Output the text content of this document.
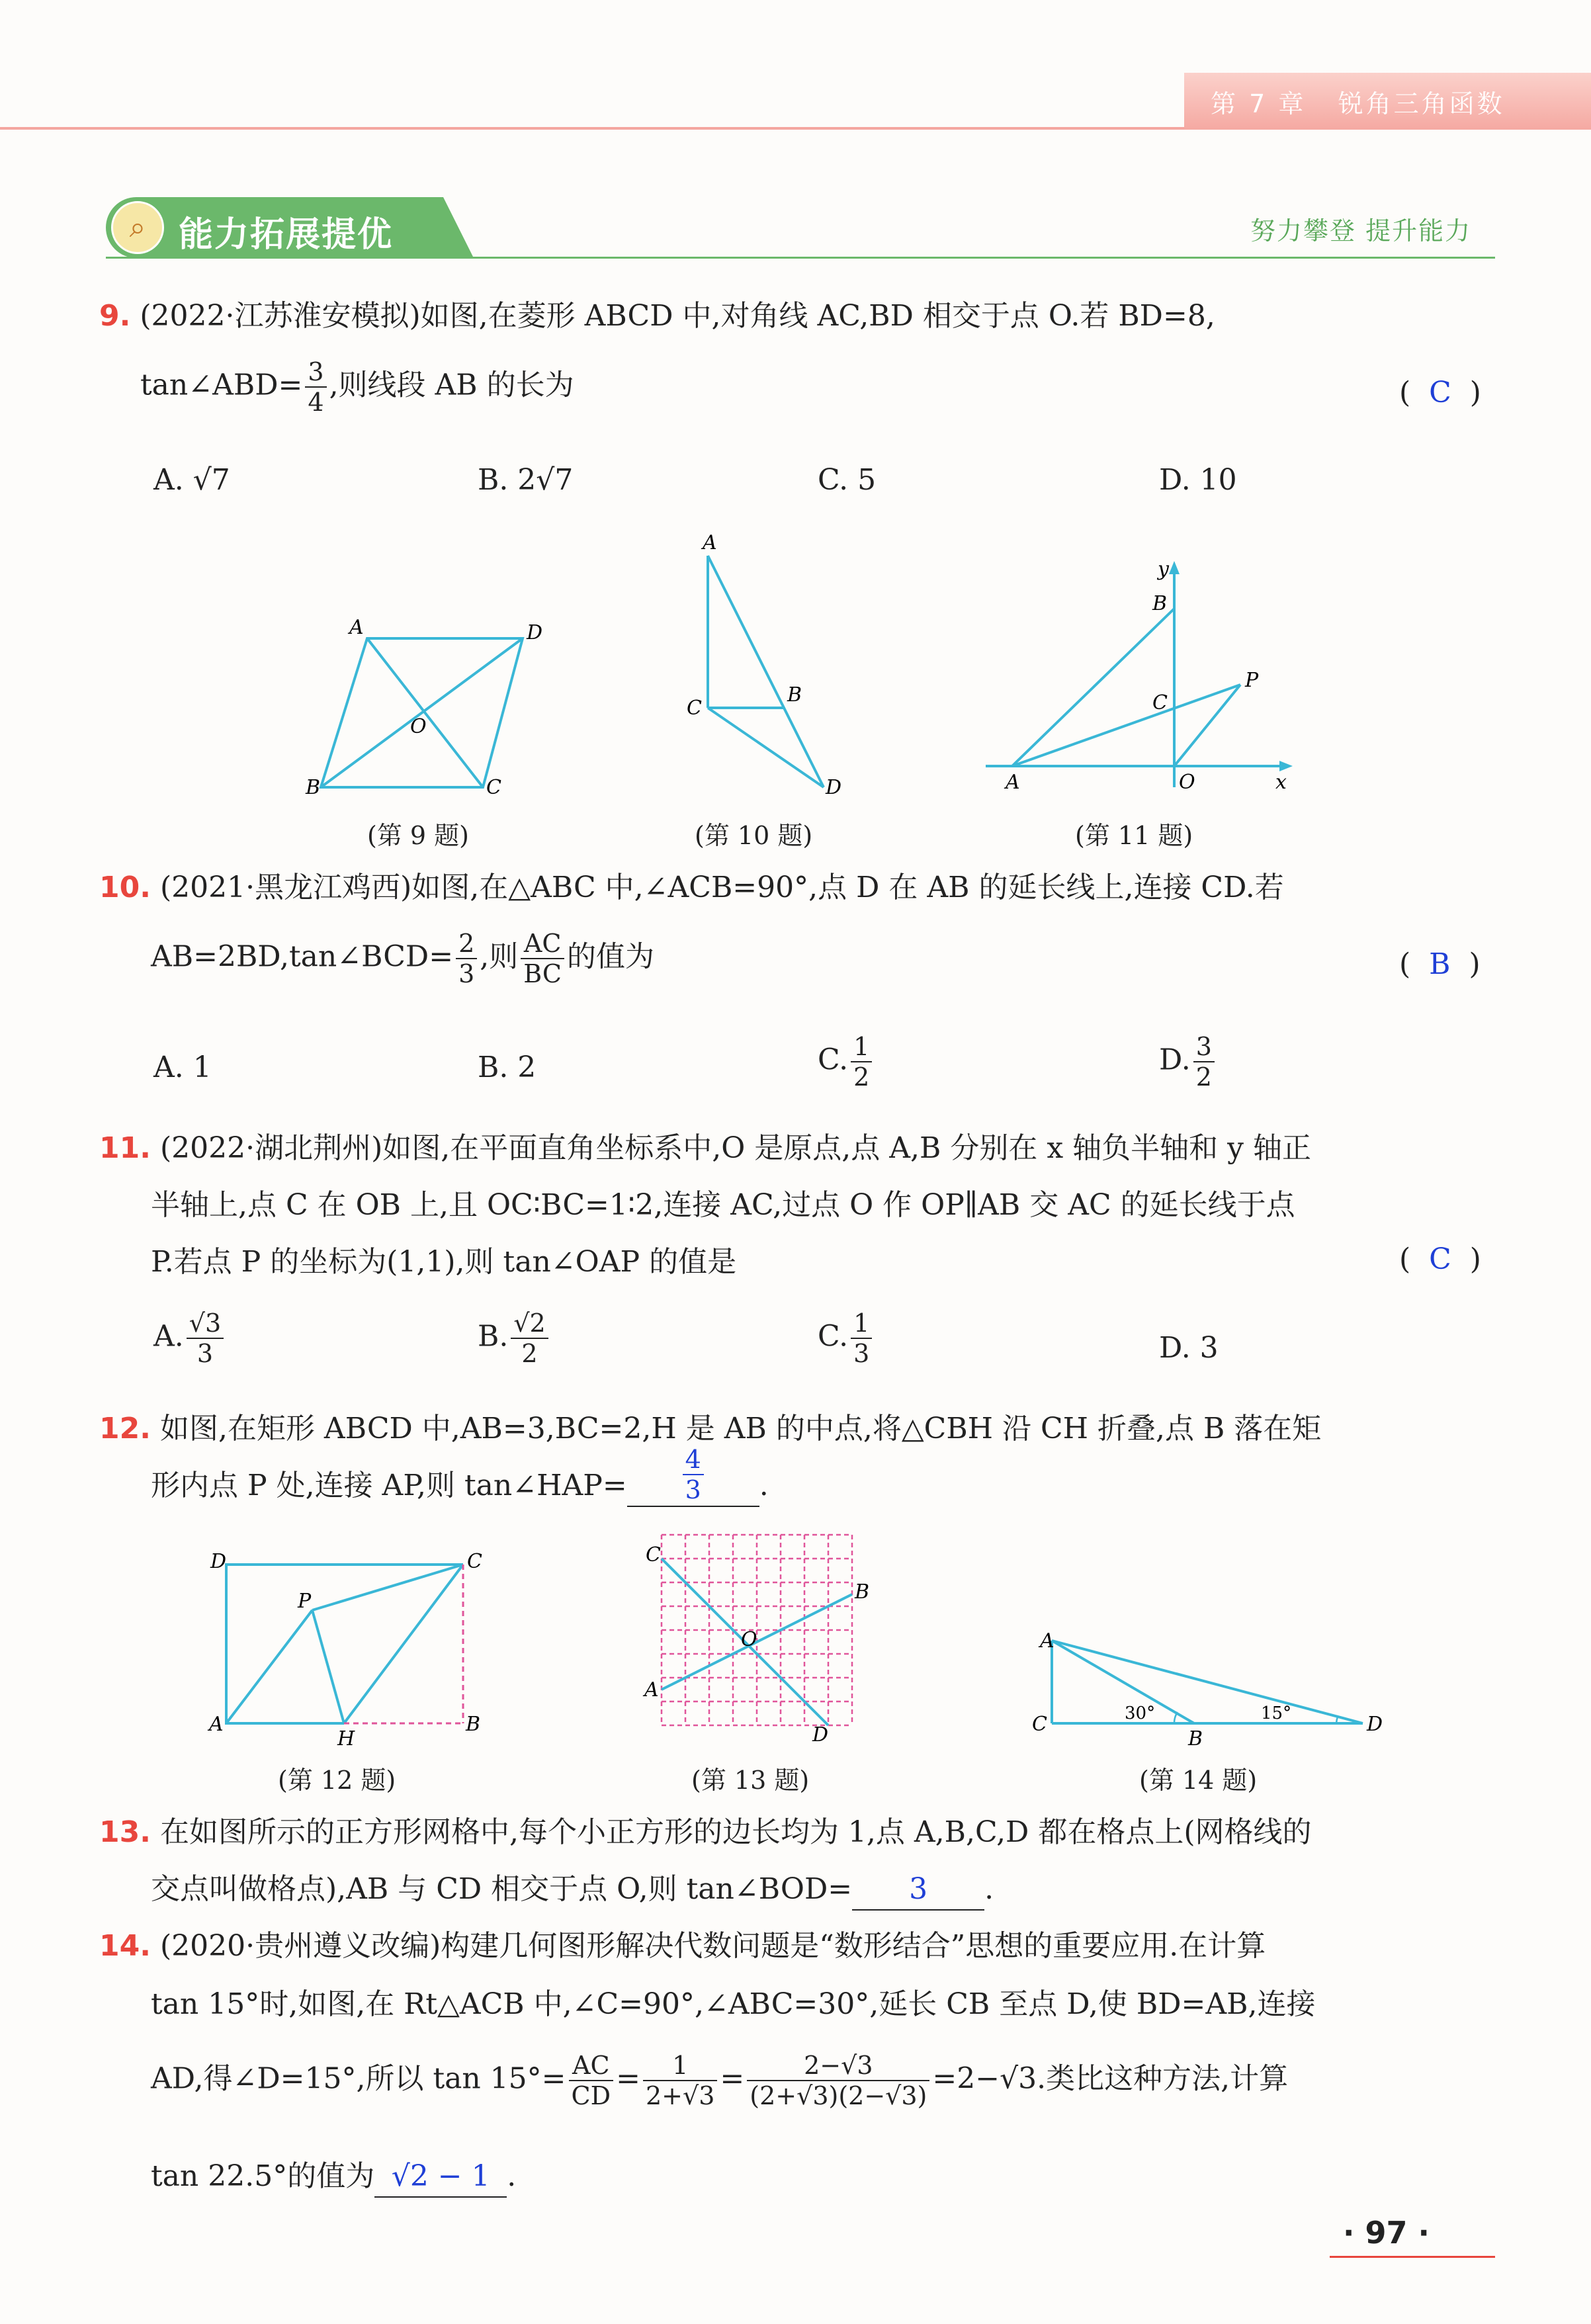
第 7 章 锐角三角函数
⌕ 能力拓展提优	努力攀登 提升能力
9. (2022·江苏淮安模拟)如图,在菱形 ABCD 中,对角线 AC,BD 相交于点 O.若 BD=8,
tan∠ABD= $\frac{3}{4}$ ,则线段 AB 的长为	(  C  )
A. √7	B. 2√7	C. 5	D. 10
A	D
O
B	C
(第 9 题)
A
C
B
D
(第 10 题)
y
B
C
P
A	O	x
(第 11 题)
10. (2021·黑龙江鸡西)如图,在△ABC 中,∠ACB=90°,点 D 在 AB 的延长线上,连接 CD.若
AB=2BD,tan∠BCD= $\frac{2}{3}$ ,则 $\frac{AC}{BC}$ 的值为	(  B  )
A. 1	B. 2	C. $\frac{1}{2}$	D. $\frac{3}{2}$
11. (2022·湖北荆州)如图,在平面直角坐标系中,O 是原点,点 A,B 分别在 x 轴负半轴和 y 轴正
半轴上,点 C 在 OB 上,且 OC∶BC=1∶2,连接 AC,过点 O 作 OP∥AB 交 AC 的延长线于点
P.若点 P 的坐标为(1,1),则 tan∠OAP 的值是	(  C  )
A. $\frac{√3}{3}$	B. $\frac{√2}{2}$	C. $\frac{1}{3}$	D. 3
12. 如图,在矩形 ABCD 中,AB=3,BC=2,H 是 AB 的中点,将△CBH 沿 CH 折叠,点 B 落在矩
形内点 P 处,连接 AP,则 tan∠HAP= $\frac{4}{3}$ .
D	C
P
A
H
B
(第 12 题)
C
B
O
A
D
(第 13 题)
A
C
B
D
30°	15°
(第 14 题)
13. 在如图所示的正方形网格中,每个小正方形的边长均为 1,点 A,B,C,D 都在格点上(网格线的
交点叫做格点),AB 与 CD 相交于点 O,则 tan∠BOD= 3 .
14. (2020·贵州遵义改编)构建几何图形解决代数问题是“数形结合”思想的重要应用.在计算
tan 15°时,如图,在 Rt△ACB 中,∠C=90°,∠ABC=30°,延长 CB 至点 D,使 BD=AB,连接
AD,得∠D=15°,所以 $\tan 15^\circ= \frac{AC}{CD} = \frac{1}{2+√3} = \frac{2-√3}{(2+√3)(2-√3)} =2-√3$.类比这种方法,计算
tan 22.5°的值为 √2 − 1 .
· 97 ·
